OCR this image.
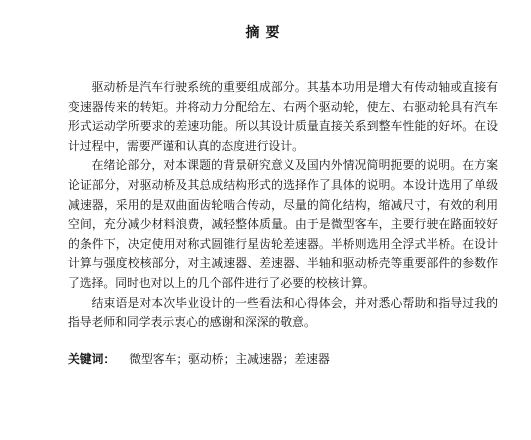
摘要

驱动桥是汽车行驶系统的重要组成部分。其基本功用是增大有传动轴或直接有变速器传来的转矩。并将动力分配给左、右两个驱动轮，使左、右驱动轮具有汽车形式运动学所要求的差速功能。所以其设计质量直接关系到整车性能的好坏。在设计过程中，需要严谨和认真的态度进行设计。

在绪论部分，对本课题的背景研究意义及国内外情况简明扼要的说明。在方案论证部分，对驱动桥及其总成结构形式的选择作了具体的说明。本设计选用了单级减速器，采用的是双曲面齿轮啮合传动，尽量的简化结构，缩减尺寸，有效的利用空间，充分减少材料浪费，减轻整体质量。由于是微型客车，主要行驶在路面较好的条件下，决定使用对称式圆锥行星齿轮差速器。半桥则选用全浮式半桥。在设计计算与强度校核部分，对主减速器、差速器、半轴和驱动桥壳等重要部件的参数作了选择。同时也对以上的几个部件进行了必要的校核计算。

结束语是对本次毕业设计的一些看法和心得体会，并对悉心帮助和指导过我的指导老师和同学表示衷心的感谢和深深的敬意。

关键词： 微型客车；驱动桥；主减速器；差速器
